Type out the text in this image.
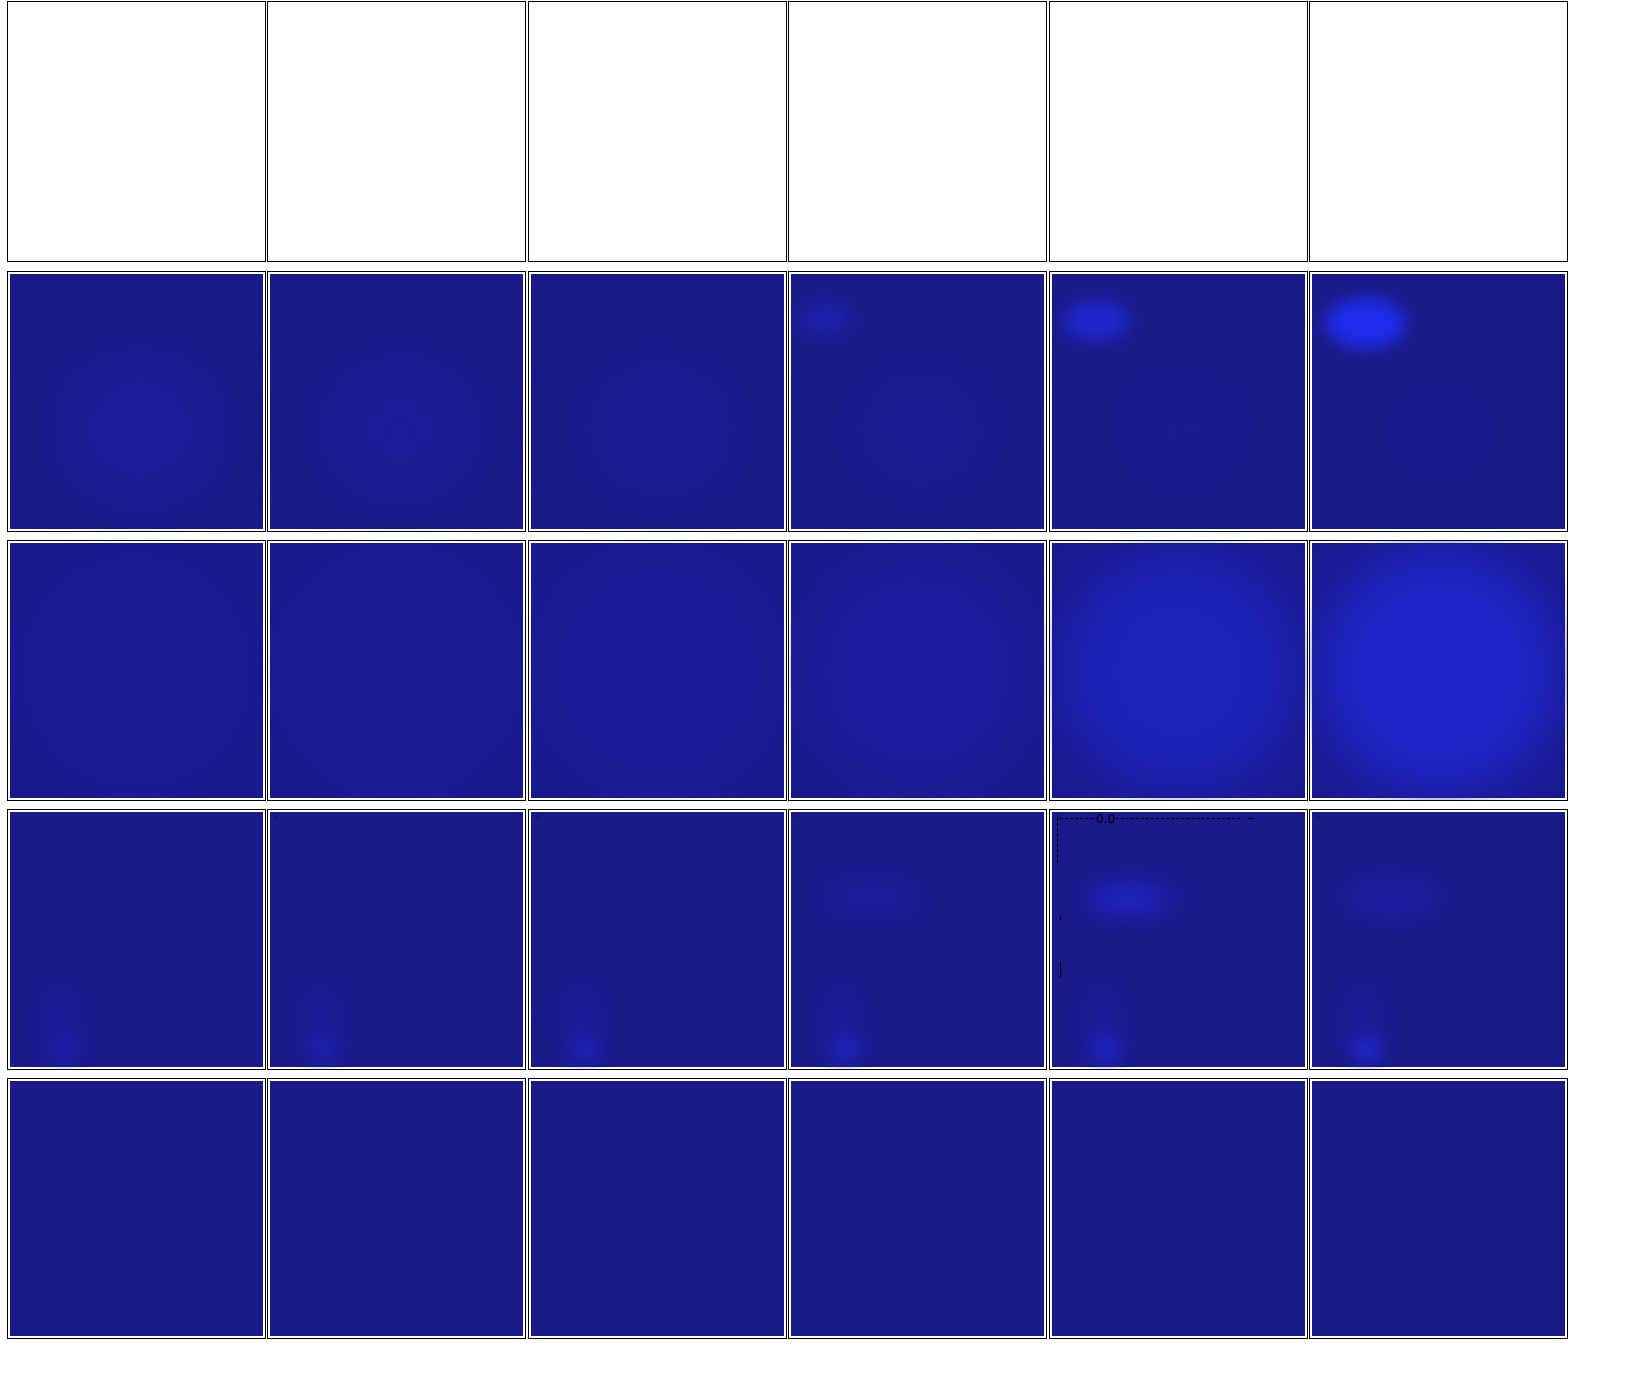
◦	◦	◦	◦	0.0	◦
